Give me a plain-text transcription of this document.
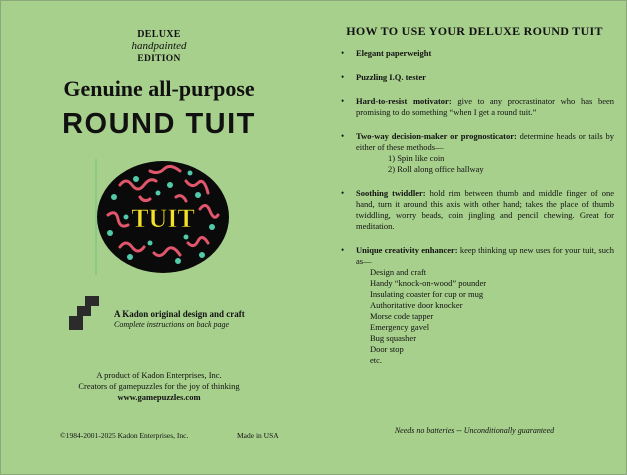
DELUXE
handpainted
EDITION
Genuine all-purpose
ROUND TUIT
TUIT
A Kadon original design and craft
Complete instructions on back page
A product of Kadon Enterprises, Inc.
Creators of gamepuzzles for the joy of thinking
www.gamepuzzles.com
©1984-2001-2025 Kadon Enterprises, Inc.	Made in USA
HOW TO USE YOUR DELUXE ROUND TUIT
• Elegant paperweight
• Puzzling I.Q. tester
• Hard-to-resist motivator: give to any procrastinator who has been promising to do something “when I get a round tuit.”
• Two-way decision-maker or prognosticator: determine heads or tails by either of these methods—
1) Spin like coin
2) Roll along office hallway
• Soothing twiddler: hold rim between thumb and middle finger of one hand, turn it around this axis with other hand; takes the place of thumb twiddling, worry beads, coin jingling and pencil chewing. Great for meditation.
• Unique creativity enhancer: keep thinking up new uses for your tuit, such as—
Design and craft
Handy “knock-on-wood” pounder
Insulating coaster for cup or mug
Authoritative door knocker
Morse code tapper
Emergency gavel
Bug squasher
Door stop
etc.
Needs no batteries -- Unconditionally guaranteed
